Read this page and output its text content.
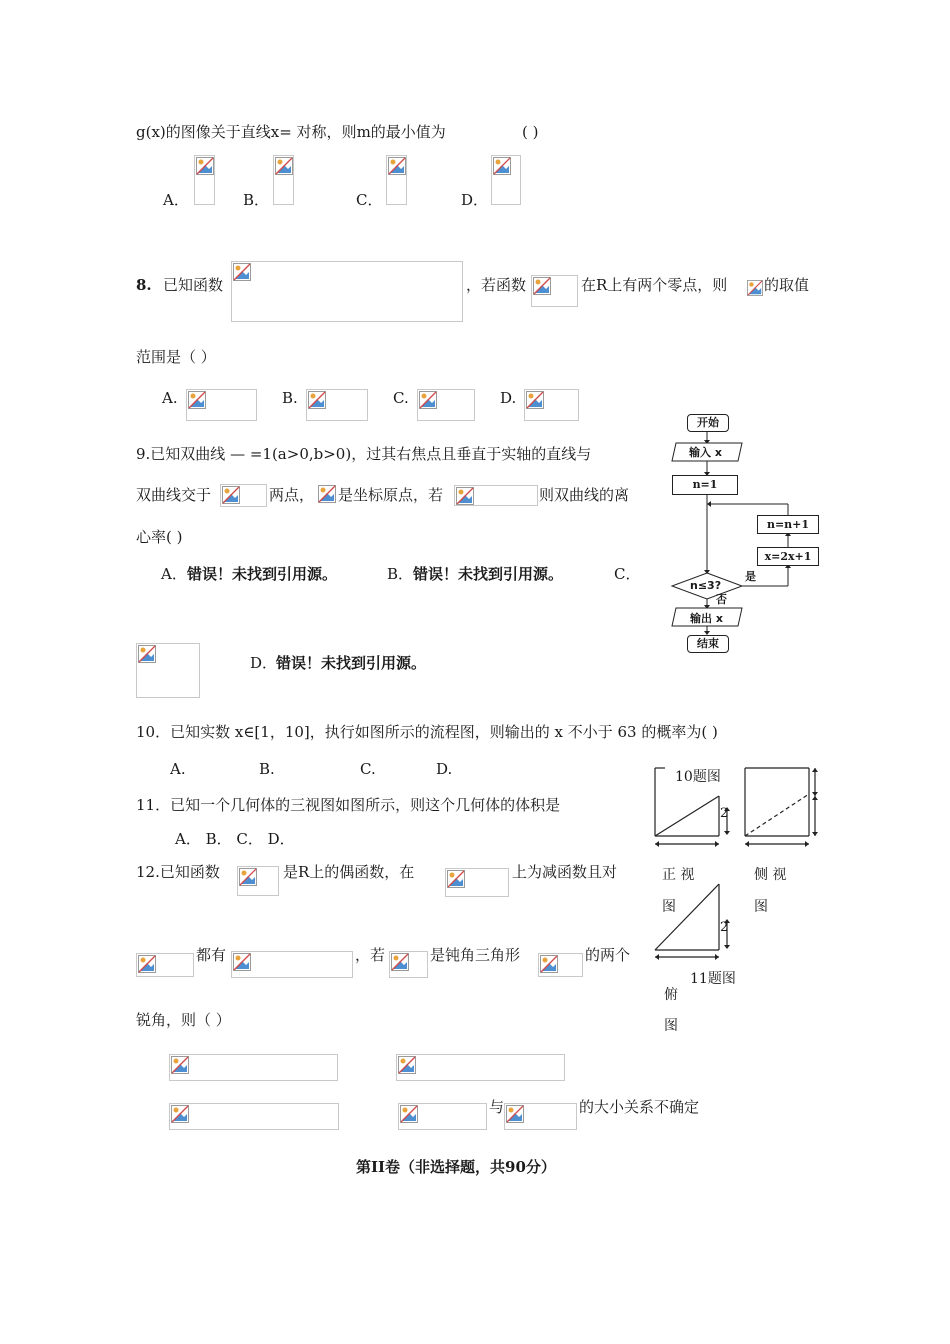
g(x)的图像关于直线x= 对称，则m的最小值为	( )
A．	B．	C．	D．
8. 已知函数	，若函数	在R上有两个零点，则 的取值
范围是（ ）
A.	B.	C.	D.
9.已知双曲线 — =1(a>0,b>0)，过其右焦点且垂直于实轴的直线与
双曲线交于	两点， 是坐标原点，若	则双曲线的离
心率( )
A． 错误！未找到引用源。	B． 错误！未找到引用源。	C．
D．
错误！未找到引用源。
开始
输入 x
n=1
n=n+1
x=2x+1
n≤3?
是
否
输出 x
结束
10．已知实数 x∈[1，10]，执行如图所示的流程图，则输出的 x 不小于 63 的概率为( )
A.	B.	C.	D.
11．已知一个几何体的三视图如图所示，则这个几何体的体积是
A． B． C． D．
10题图
2
2
正 视
图
侧 视
图
11题图
俯
图
12.已知函数	是R上的偶函数，在	上为减函数且对
都有	，若	是钝角三角形	的两个
锐角，则（ ）
与	的大小关系不确定
第II卷（非选择题，共90分）
